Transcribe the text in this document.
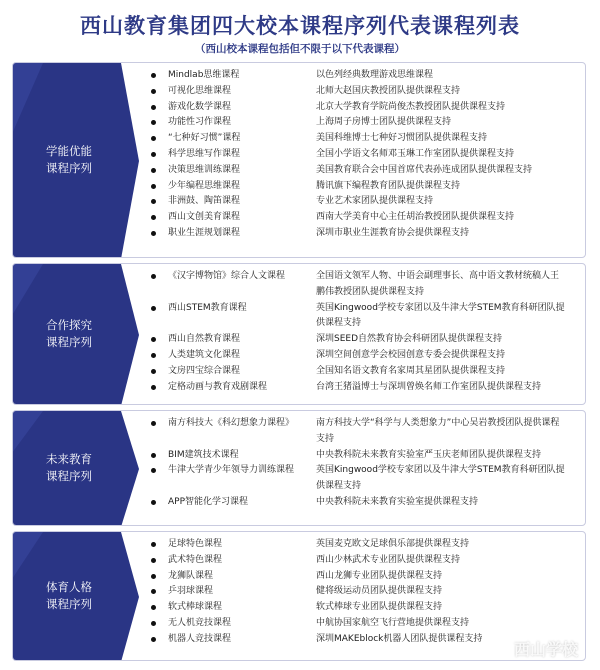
西山教育集团四大校本课程序列代表课程列表
（西山校本课程包括但不限于以下代表课程）
学能优能
课程序列
Mindlab思维课程	以色列经典数理游戏思维课程
可视化思维课程	北师大赵国庆教授团队提供课程支持
游戏化数学课程	北京大学教育学院尚俊杰教授团队提供课程支持
功能性习作课程	上海周子房博士团队提供课程支持
“七种好习惯”课程	美国科维博士七种好习惯团队提供课程支持
科学思维写作课程	全国小学语文名师邓玉琳工作室团队提供课程支持
决策思维训练课程	美国教育联合会中国首席代表孙连成团队提供课程支持
少年编程思维课程	腾讯旗下编程教育团队提供课程支持
非洲鼓、陶笛课程	专业艺术家团队提供课程支持
西山文创美育课程	西南大学美育中心主任胡治教授团队提供课程支持
职业生涯规划课程	深圳市职业生涯教育协会提供课程支持
合作探究
课程序列
《汉字博物馆》综合人文课程	全国语文领军人物、中语会副理事长、高中语文教材统稿人王鹏伟教授团队提供课程支持
西山STEM教育课程	英国Kingwood学校专家团以及牛津大学STEM教育科研团队提供课程支持
西山自然教育课程	深圳SEED自然教育协会科研团队提供课程支持
人类建筑文化课程	深圳空间创意学会校园创意专委会提供课程支持
文房四宝综合课程	全国知名语文教育名家周其星团队提供课程支持
定格动画与教育戏剧课程	台湾王猪溢博士与深圳曾焕名师工作室团队提供课程支持
未来教育
课程序列
南方科技大《科幻想象力课程》	南方科技大学“科学与人类想象力”中心吴岩教授团队提供课程支持
BIM建筑技术课程	中央教科院未来教育实验室严玉庆老师团队提供课程支持
牛津大学青少年领导力训练课程	英国Kingwood学校专家团以及牛津大学STEM教育科研团队提供课程支持
APP智能化学习课程	中央教科院未来教育实验室提供课程支持
体育人格
课程序列
足球特色课程	英国麦克欧文足球俱乐部提供课程支持
武术特色课程	西山少林武术专业团队提供课程支持
龙狮队课程	西山龙狮专业团队提供课程支持
乒羽球课程	健将级运动员团队提供课程支持
软式棒球课程	软式棒球专业团队提供课程支持
无人机竞技课程	中航协国家航空飞行营地提供课程支持
机器人竞技课程	深圳MAKEblock机器人团队提供课程支持
西山学校
